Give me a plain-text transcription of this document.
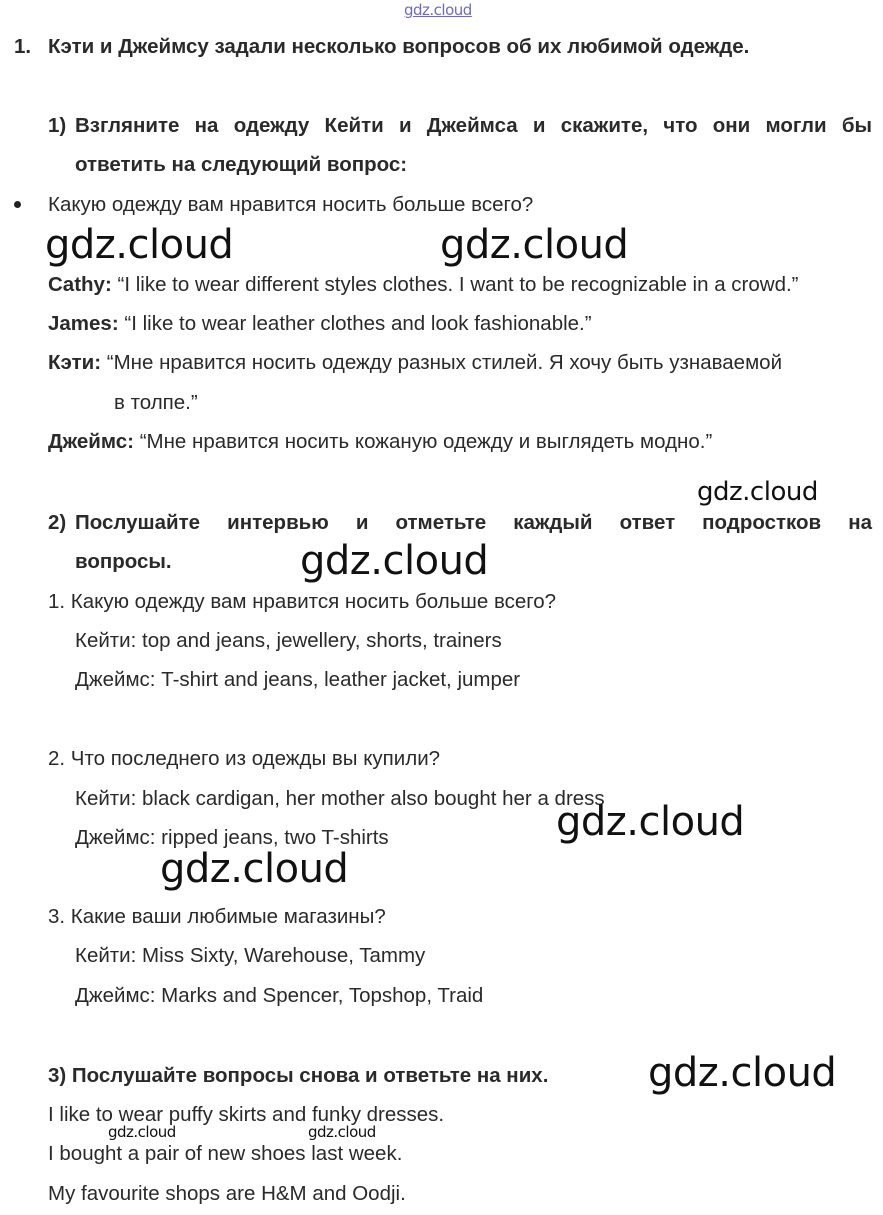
gdz.cloud
1. Кэти и Джеймсу задали несколько вопросов об их любимой одежде.
1) Взгляните на одежду Кейти и Джеймса и скажите, что они могли бы
ответить на следующий вопрос:
Какую одежду вам нравится носить больше всего?
gdz.cloud	gdz.cloud
Cathy: “I like to wear different styles clothes. I want to be recognizable in a crowd.”
James: “I like to wear leather clothes and look fashionable.”
Кэти: “Мне нравится носить одежду разных стилей. Я хочу быть узнаваемой
в толпе.”
Джеймс: “Мне нравится носить кожаную одежду и выглядеть модно.”
gdz.cloud
2) Послушайте интервью и отметьте каждый ответ подростков на
вопросы.	gdz.cloud
1. Какую одежду вам нравится носить больше всего?
Кейти: top and jeans, jewellery, shorts, trainers
Джеймс: T-shirt and jeans, leather jacket, jumper
2. Что последнего из одежды вы купили?
Кейти: black cardigan, her mother also bought her a dress
Джеймс: ripped jeans, two T-shirts	gdz.cloud
gdz.cloud
3. Какие ваши любимые магазины?
Кейти: Miss Sixty, Warehouse, Tammy
Джеймс: Marks and Spencer, Topshop, Traid
3) Послушайте вопросы снова и ответьте на них. gdz.cloud
I like to wear puffy skirts and funky dresses.
gdz.cloud	gdz.cloud
I bought a pair of new shoes last week.
My favourite shops are H&M and Oodji.
